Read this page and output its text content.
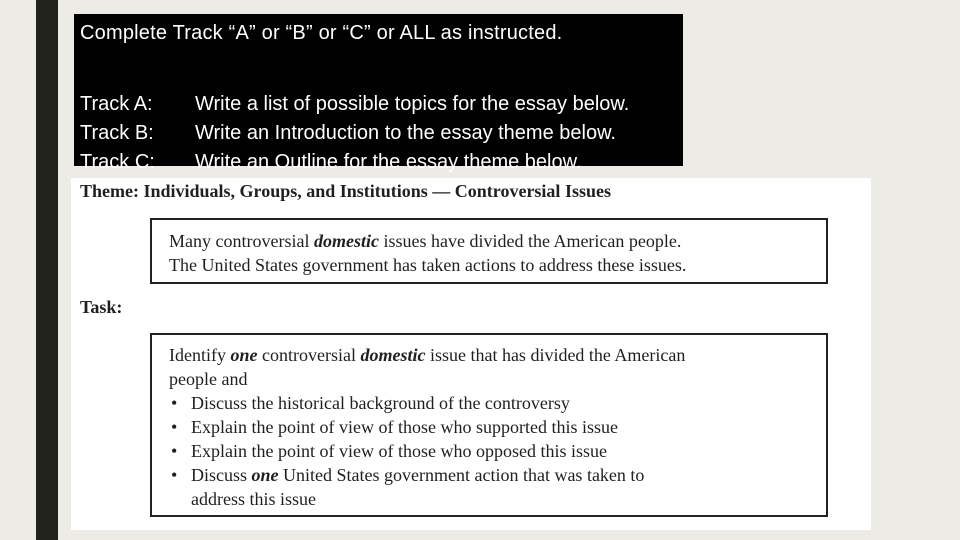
Complete Track “A” or “B” or “C” or ALL as instructed.
Track A:	Write a list of possible topics for the essay below.
Track B:	Write an Introduction to the essay theme below.
Track C:	Write an Outline for the essay theme below.
Theme: Individuals, Groups, and Institutions — Controversial Issues
Many controversial domestic issues have divided the American people.
The United States government has taken actions to address these issues.
Task:
Identify one controversial domestic issue that has divided the American
people and
• Discuss the historical background of the controversy
• Explain the point of view of those who supported this issue
• Explain the point of view of those who opposed this issue
• Discuss one United States government action that was taken to
address this issue
